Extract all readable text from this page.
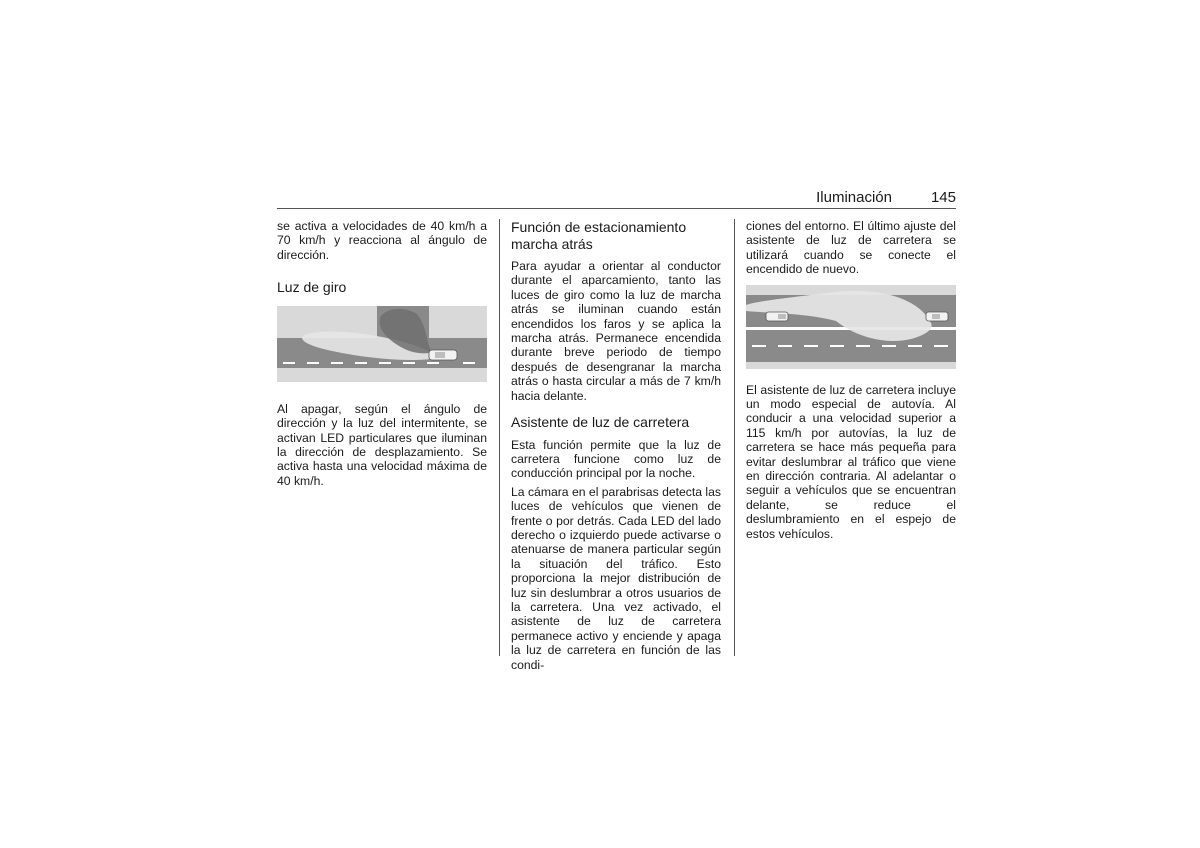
Iluminación	145

se activa a velocidades de 40 km/h a 70 km/h y reacciona al ángulo de dirección.

Luz de giro

Al apagar, según el ángulo de dirección y la luz del intermitente, se activan LED particulares que iluminan la dirección de desplazamiento. Se activa hasta una velocidad máxima de 40 km/h.

Función de estacionamiento marcha atrás

Para ayudar a orientar al conductor durante el aparcamiento, tanto las luces de giro como la luz de marcha atrás se iluminan cuando están encendidos los faros y se aplica la marcha atrás. Permanece encendida durante breve periodo de tiempo después de desengranar la marcha atrás o hasta circular a más de 7 km/h hacia delante.

Asistente de luz de carretera

Esta función permite que la luz de carretera funcione como luz de conducción principal por la noche.

La cámara en el parabrisas detecta las luces de vehículos que vienen de frente o por detrás. Cada LED del lado derecho o izquierdo puede activarse o atenuarse de manera particular según la situación del tráfico. Esto proporciona la mejor distribución de luz sin deslumbrar a otros usuarios de la carretera. Una vez activado, el asistente de luz de carretera permanece activo y enciende y apaga la luz de carretera en función de las condi-

ciones del entorno. El último ajuste del asistente de luz de carretera se utilizará cuando se conecte el encendido de nuevo.

El asistente de luz de carretera incluye un modo especial de autovía. Al conducir a una velocidad superior a 115 km/h por autovías, la luz de carretera se hace más pequeña para evitar deslumbrar al tráfico que viene en dirección contraria. Al adelantar o seguir a vehículos que se encuentran delante, se reduce el deslumbramiento en el espejo de estos vehículos.
